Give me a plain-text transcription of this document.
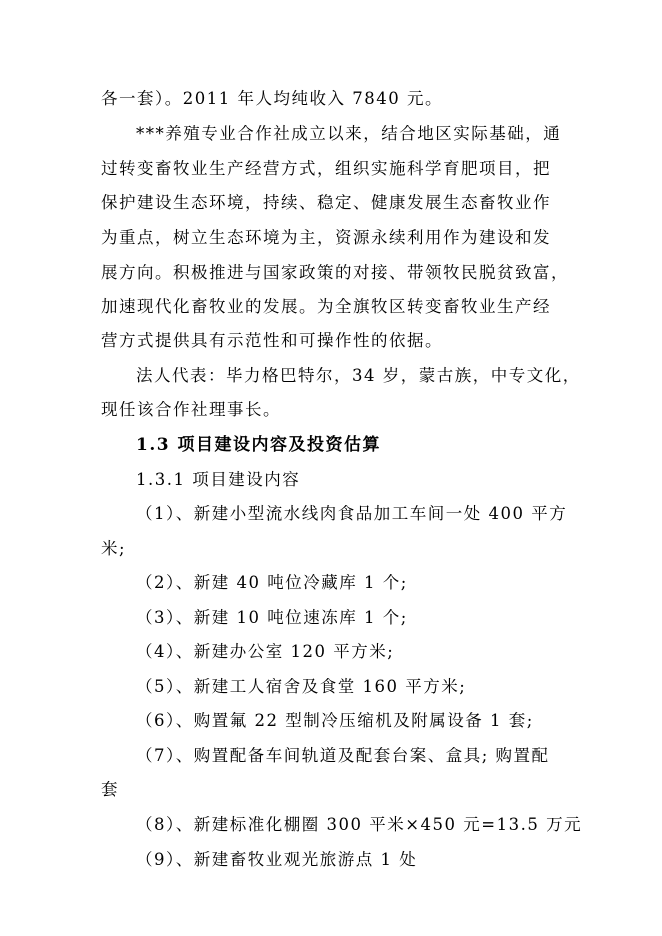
各一套）。2011 年人均纯收入 7840 元。
***养殖专业合作社成立以来，结合地区实际基础，通
过转变畜牧业生产经营方式，组织实施科学育肥项目，把
保护建设生态环境，持续、稳定、健康发展生态畜牧业作
为重点，树立生态环境为主，资源永续利用作为建设和发
展方向。积极推进与国家政策的对接、带领牧民脱贫致富，
加速现代化畜牧业的发展。为全旗牧区转变畜牧业生产经
营方式提供具有示范性和可操作性的依据。
法人代表：毕力格巴特尔，34 岁，蒙古族，中专文化，
现任该合作社理事长。
1.3 项目建设内容及投资估算
1.3.1 项目建设内容
（1）、新建小型流水线肉食品加工车间一处 400 平方
米;
（2）、新建 40 吨位冷藏库 1 个;
（3）、新建 10 吨位速冻库 1 个;
（4）、新建办公室 120 平方米;
（5）、新建工人宿舍及食堂 160 平方米;
（6）、购置氟 22 型制冷压缩机及附属设备 1 套;
（7）、购置配备车间轨道及配套台案、盒具; 购置配
套
（8）、新建标准化棚圈 300 平米×450 元=13.5 万元
（9）、新建畜牧业观光旅游点 1 处
